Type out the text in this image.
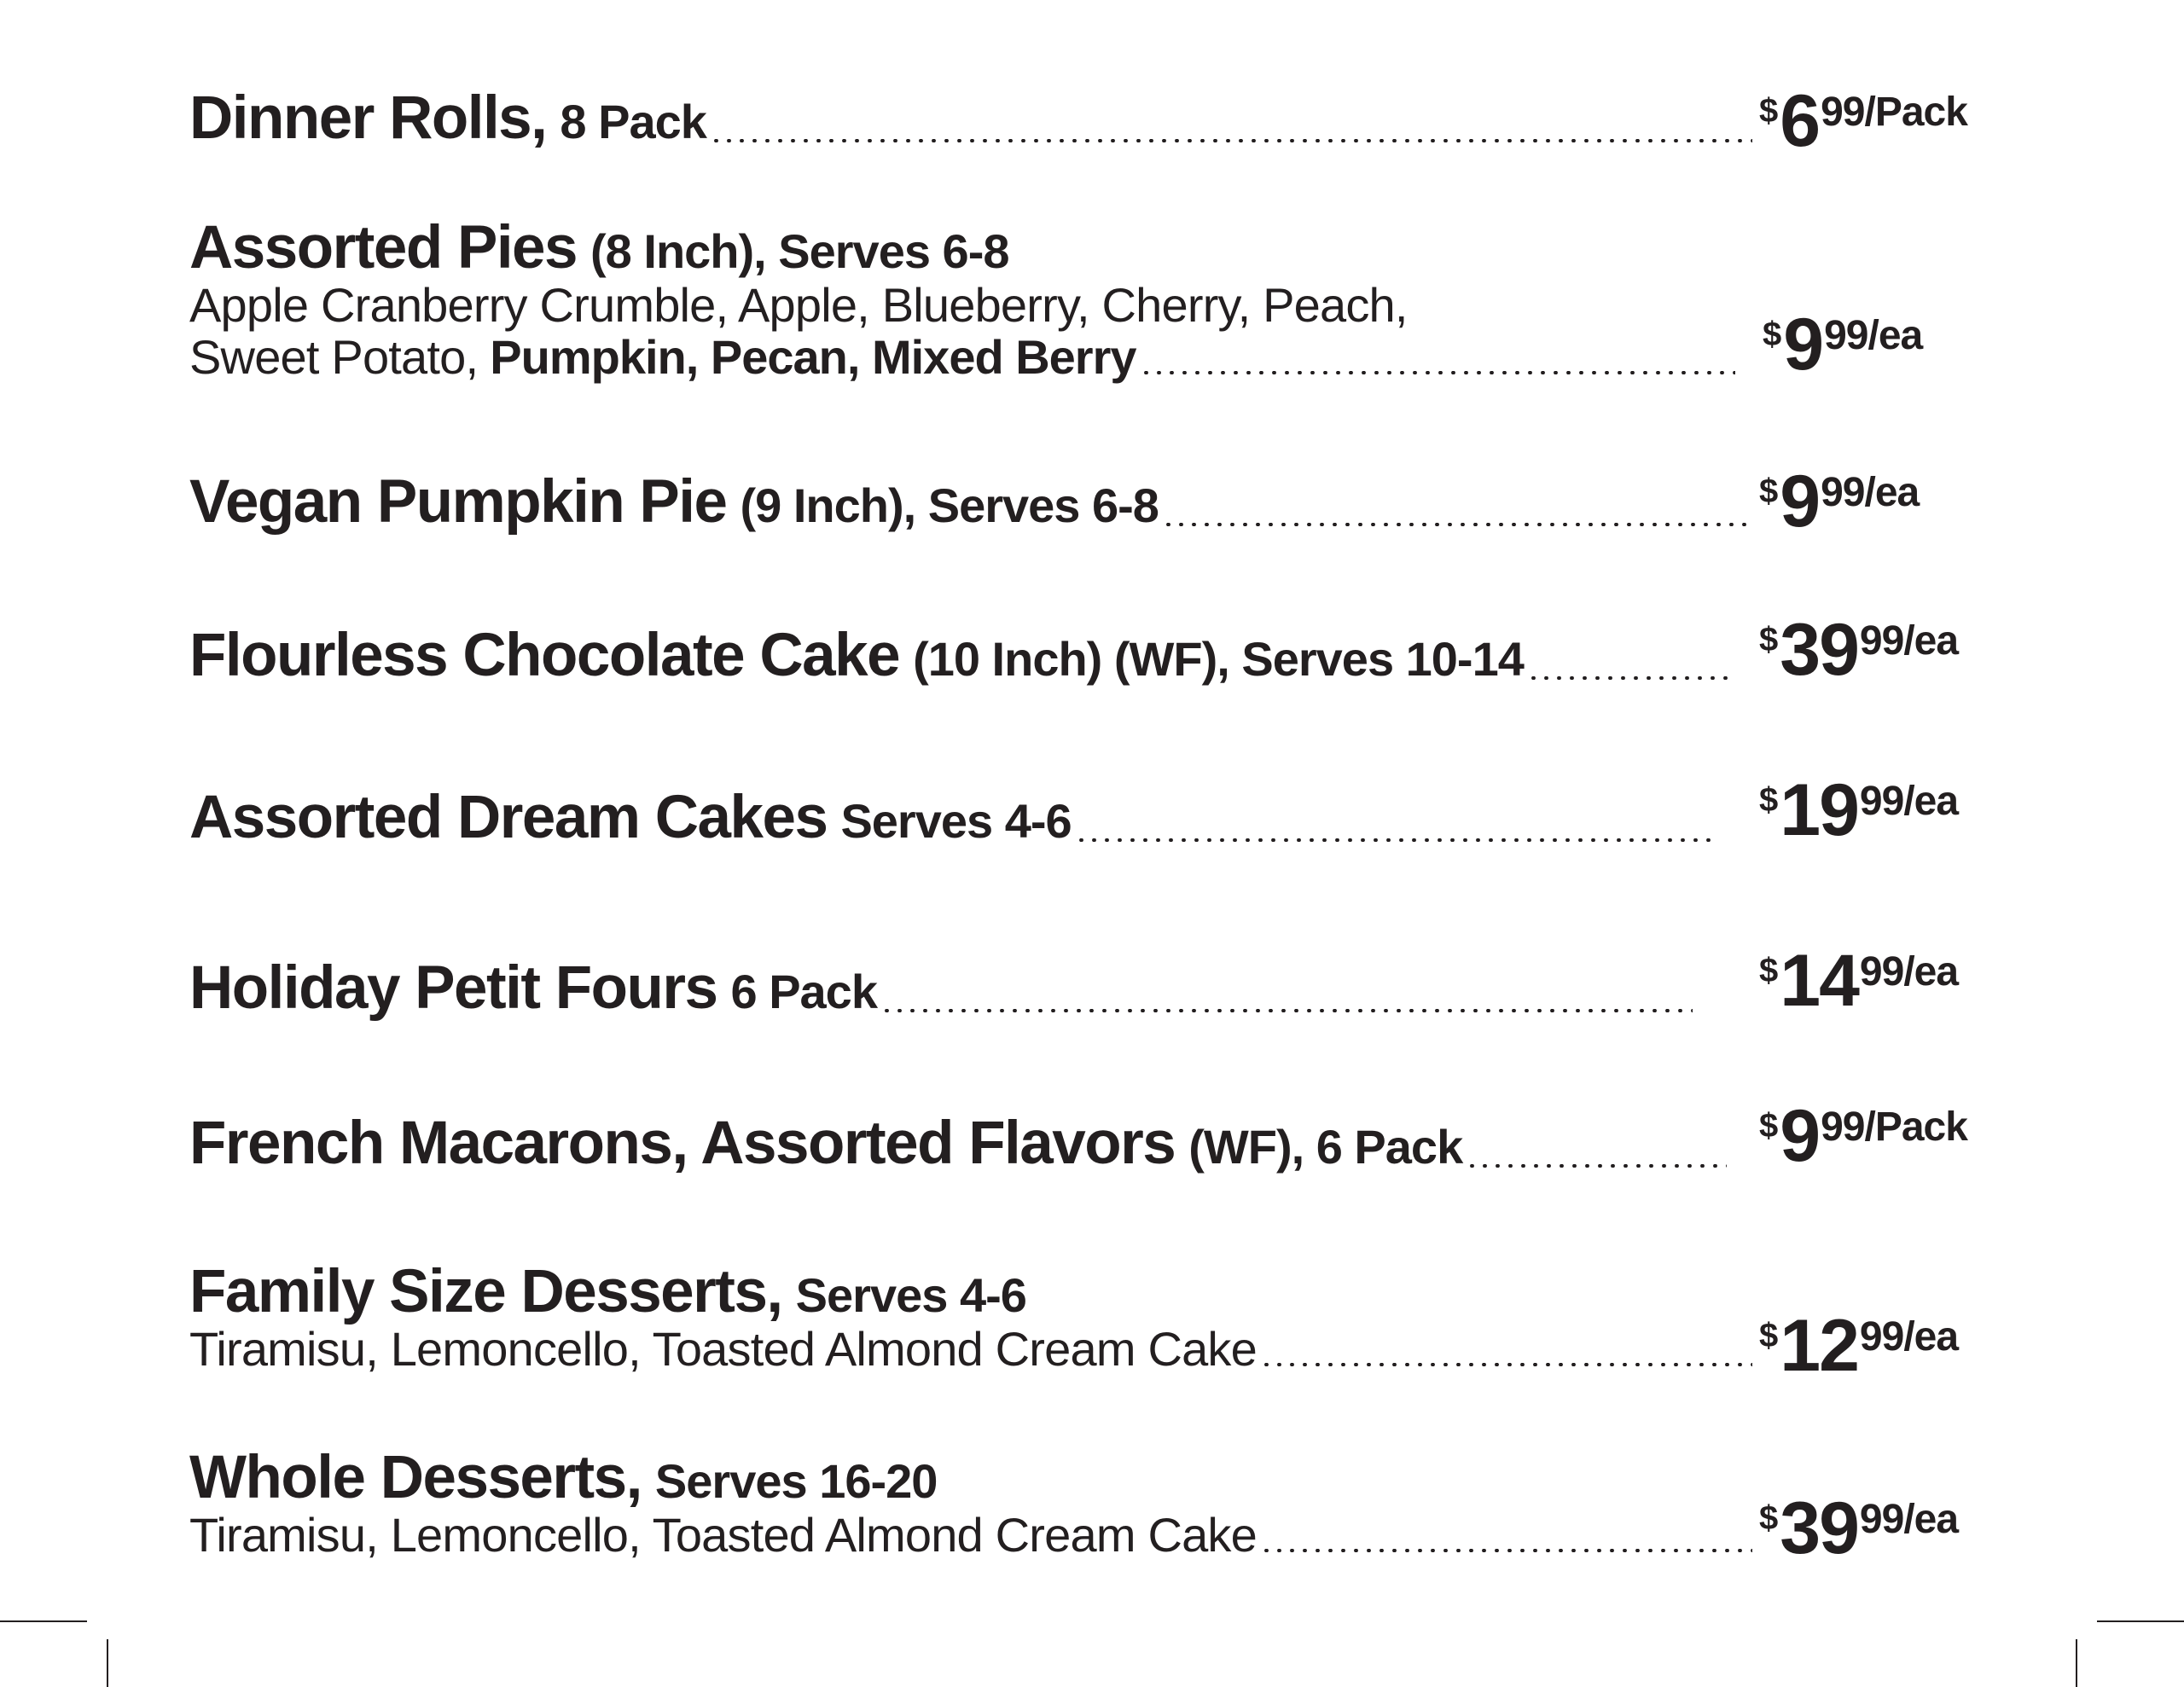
Dinner Rolls, 8 Pack	$ 6 99 /Pack
Assorted Pies (8 Inch), Serves 6-8
Apple Cranberry Crumble, Apple, Blueberry, Cherry, Peach,
Sweet Potato, Pumpkin, Pecan, Mixed Berry	$ 9 99 /ea
Vegan Pumpkin Pie (9 Inch), Serves 6-8	$ 9 99 /ea
Flourless Chocolate Cake (10 Inch) (WF), Serves 10-14	$ 39 99 /ea
Assorted Dream Cakes Serves 4-6	$ 19 99 /ea
Holiday Petit Fours 6 Pack	$ 14 99 /ea
French Macarons, Assorted Flavors (WF), 6 Pack	$ 9 99 /Pack
Family Size Desserts, Serves 4-6
Tiramisu, Lemoncello, Toasted Almond Cream Cake	$ 12 99 /ea
Whole Desserts, Serves 16-20
Tiramisu, Lemoncello, Toasted Almond Cream Cake	$ 39 99 /ea
